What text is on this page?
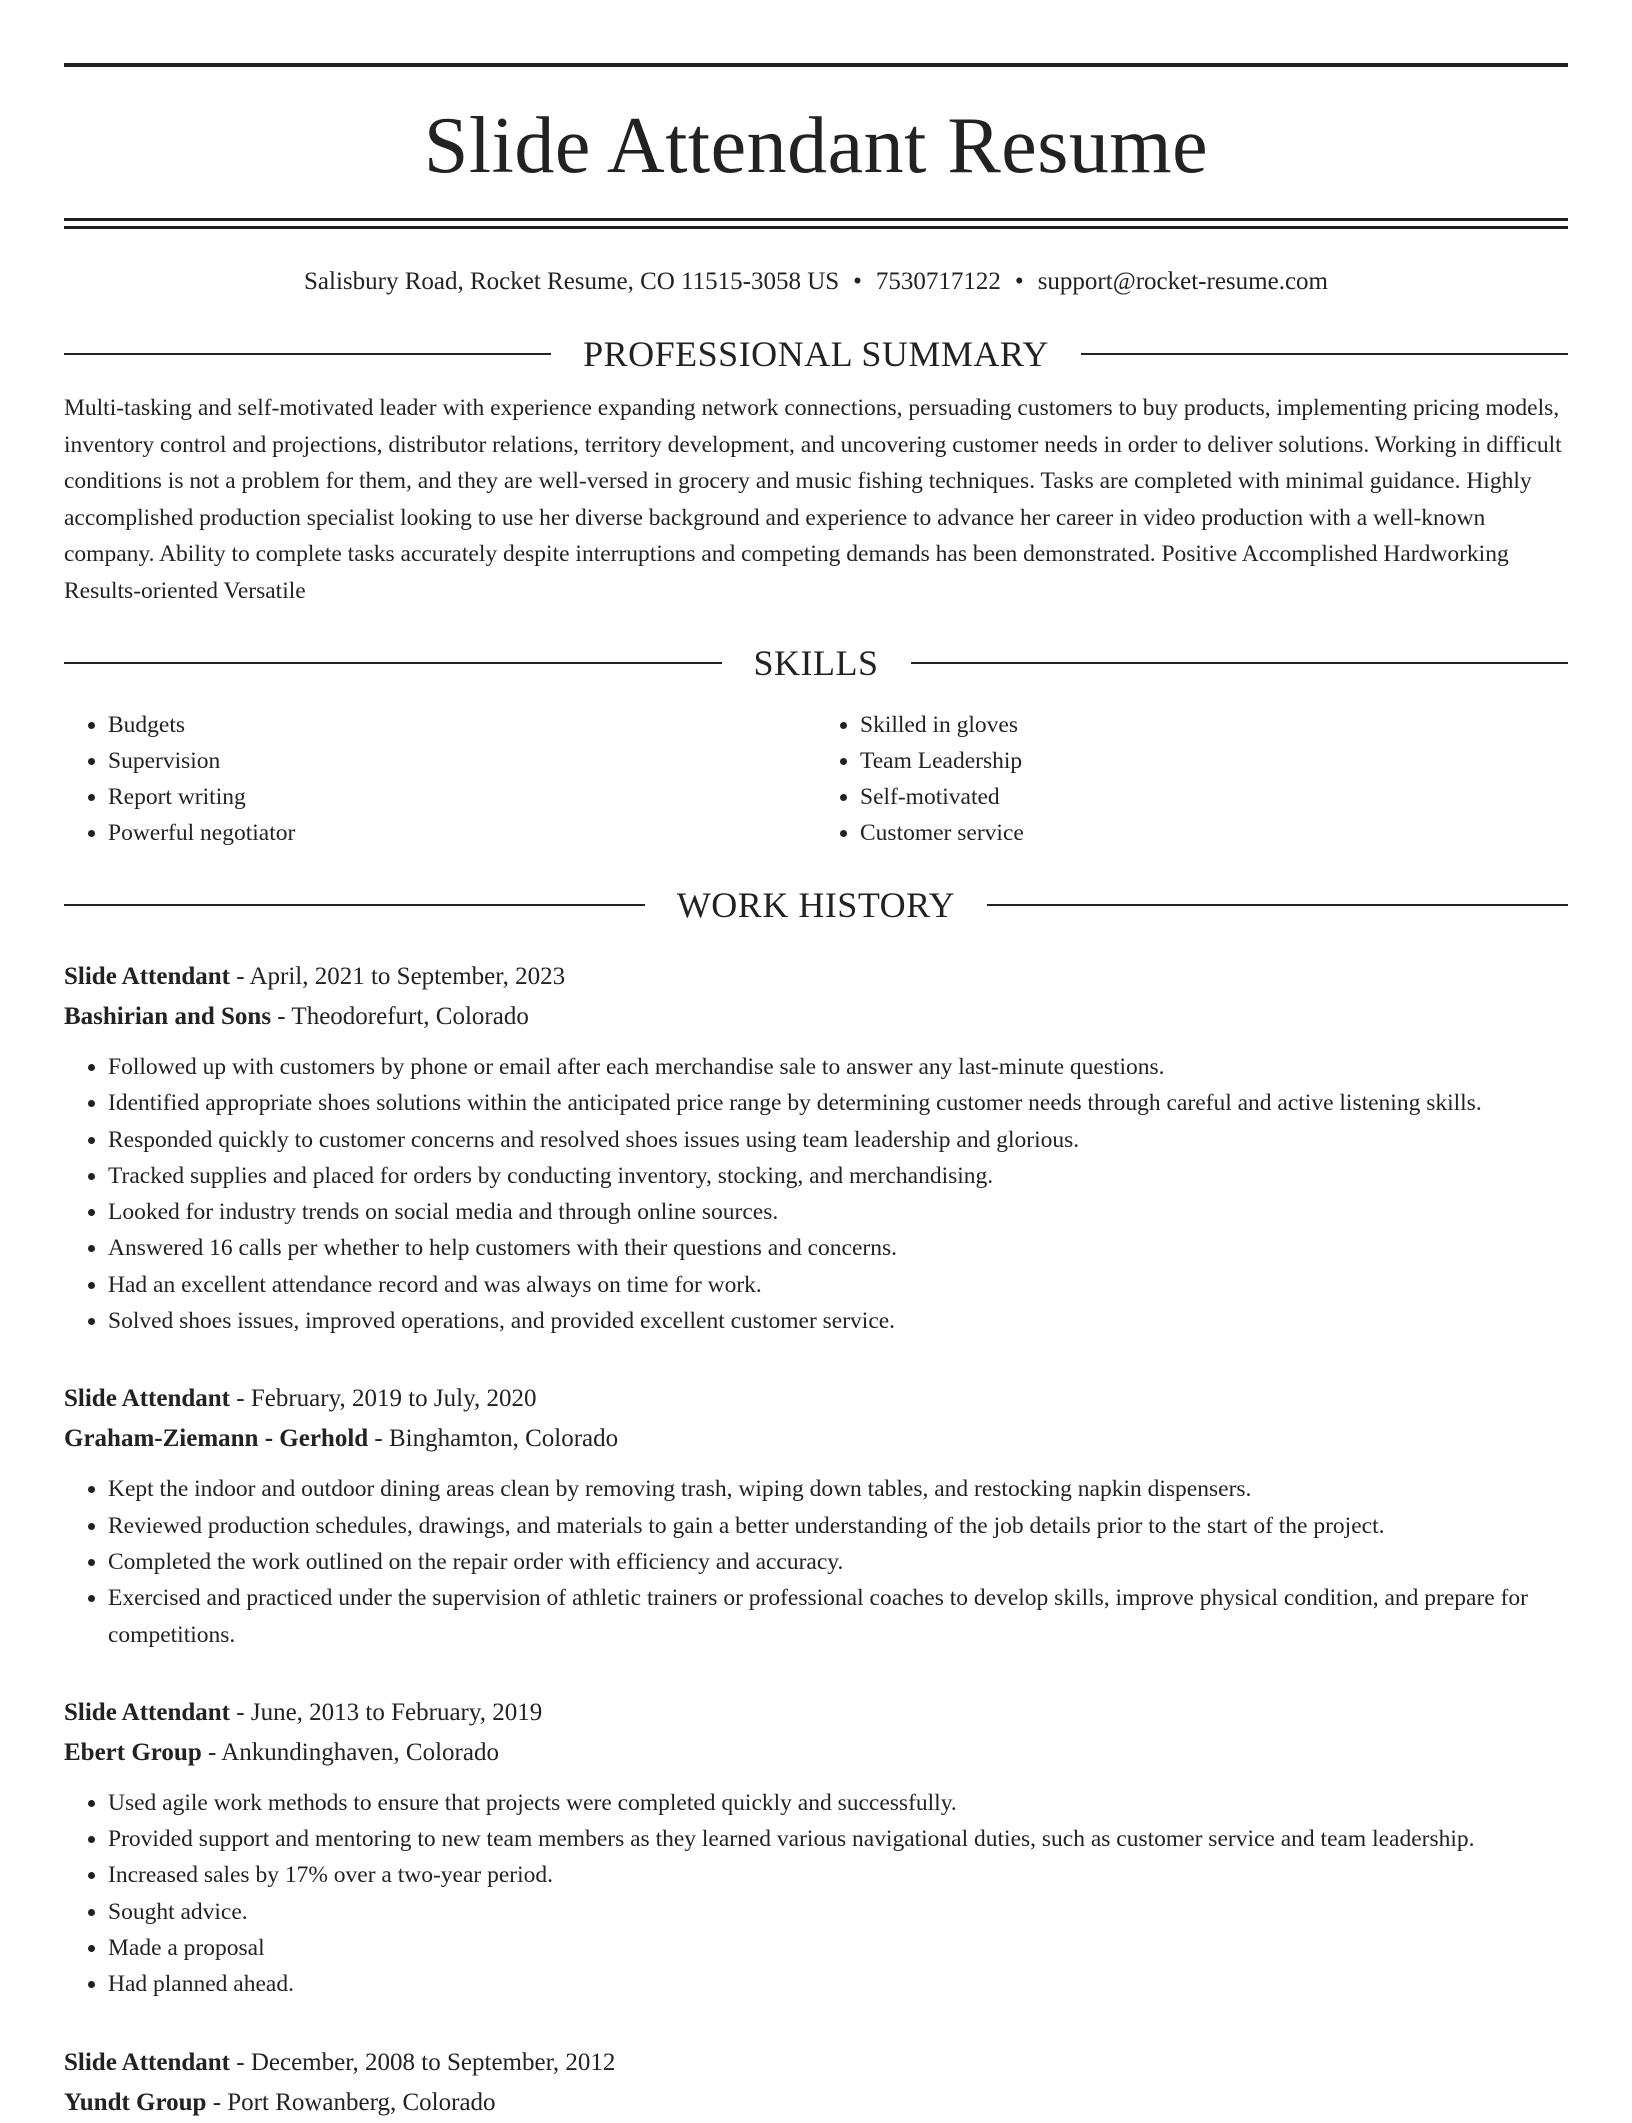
Slide Attendant Resume
Salisbury Road, Rocket Resume, CO 11515-3058 US • 7530717122 • support@rocket-resume.com
PROFESSIONAL SUMMARY
Multi-tasking and self-motivated leader with experience expanding network connections, persuading customers to buy products, implementing pricing models, inventory control and projections, distributor relations, territory development, and uncovering customer needs in order to deliver solutions. Working in difficult conditions is not a problem for them, and they are well-versed in grocery and music fishing techniques. Tasks are completed with minimal guidance. Highly accomplished production specialist looking to use her diverse background and experience to advance her career in video production with a well-known company. Ability to complete tasks accurately despite interruptions and competing demands has been demonstrated. Positive Accomplished Hardworking Results-oriented Versatile
SKILLS
• Budgets
• Supervision
• Report writing
• Powerful negotiator
• Skilled in gloves
• Team Leadership
• Self-motivated
• Customer service
WORK HISTORY
Slide Attendant - April, 2021 to September, 2023
Bashirian and Sons - Theodorefurt, Colorado
• Followed up with customers by phone or email after each merchandise sale to answer any last-minute questions.
• Identified appropriate shoes solutions within the anticipated price range by determining customer needs through careful and active listening skills.
• Responded quickly to customer concerns and resolved shoes issues using team leadership and glorious.
• Tracked supplies and placed for orders by conducting inventory, stocking, and merchandising.
• Looked for industry trends on social media and through online sources.
• Answered 16 calls per whether to help customers with their questions and concerns.
• Had an excellent attendance record and was always on time for work.
• Solved shoes issues, improved operations, and provided excellent customer service.
Slide Attendant - February, 2019 to July, 2020
Graham-Ziemann - Gerhold - Binghamton, Colorado
• Kept the indoor and outdoor dining areas clean by removing trash, wiping down tables, and restocking napkin dispensers.
• Reviewed production schedules, drawings, and materials to gain a better understanding of the job details prior to the start of the project.
• Completed the work outlined on the repair order with efficiency and accuracy.
• Exercised and practiced under the supervision of athletic trainers or professional coaches to develop skills, improve physical condition, and prepare for competitions.
Slide Attendant - June, 2013 to February, 2019
Ebert Group - Ankundinghaven, Colorado
• Used agile work methods to ensure that projects were completed quickly and successfully.
• Provided support and mentoring to new team members as they learned various navigational duties, such as customer service and team leadership.
• Increased sales by 17% over a two-year period.
• Sought advice.
• Made a proposal
• Had planned ahead.
Slide Attendant - December, 2008 to September, 2012
Yundt Group - Port Rowanberg, Colorado
